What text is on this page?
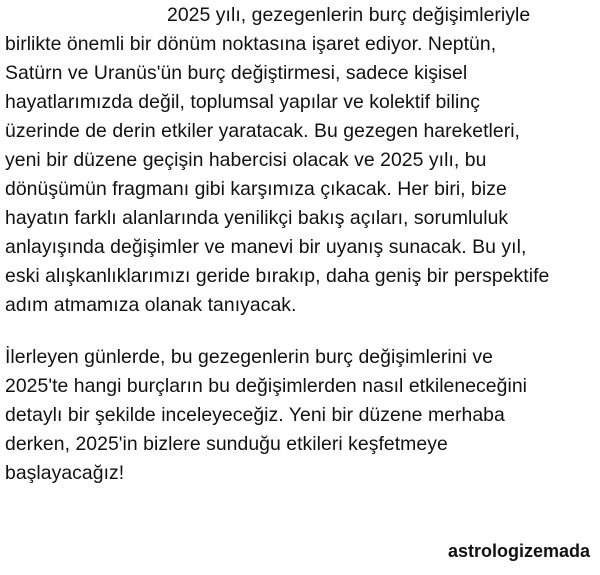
2025 yılı, gezegenlerin burç değişimleriyle

birlikte önemli bir dönüm noktasına işaret ediyor. Neptün,

Satürn ve Uranüs'ün burç değiştirmesi, sadece kişisel

hayatlarımızda değil, toplumsal yapılar ve kolektif bilinç

üzerinde de derin etkiler yaratacak. Bu gezegen hareketleri,

yeni bir düzene geçişin habercisi olacak ve 2025 yılı, bu

dönüşümün fragmanı gibi karşımıza çıkacak. Her biri, bize

hayatın farklı alanlarında yenilikçi bakış açıları, sorumluluk

anlayışında değişimler ve manevi bir uyanış sunacak. Bu yıl,

eski alışkanlıklarımızı geride bırakıp, daha geniş bir perspektife

adım atmamıza olanak tanıyacak.

İlerleyen günlerde, bu gezegenlerin burç değişimlerini ve

2025'te hangi burçların bu değişimlerden nasıl etkileneceğini

detaylı bir şekilde inceleyeceğiz. Yeni bir düzene merhaba

derken, 2025'in bizlere sunduğu etkileri keşfetmeye

başlayacağız!

astrologizemada
